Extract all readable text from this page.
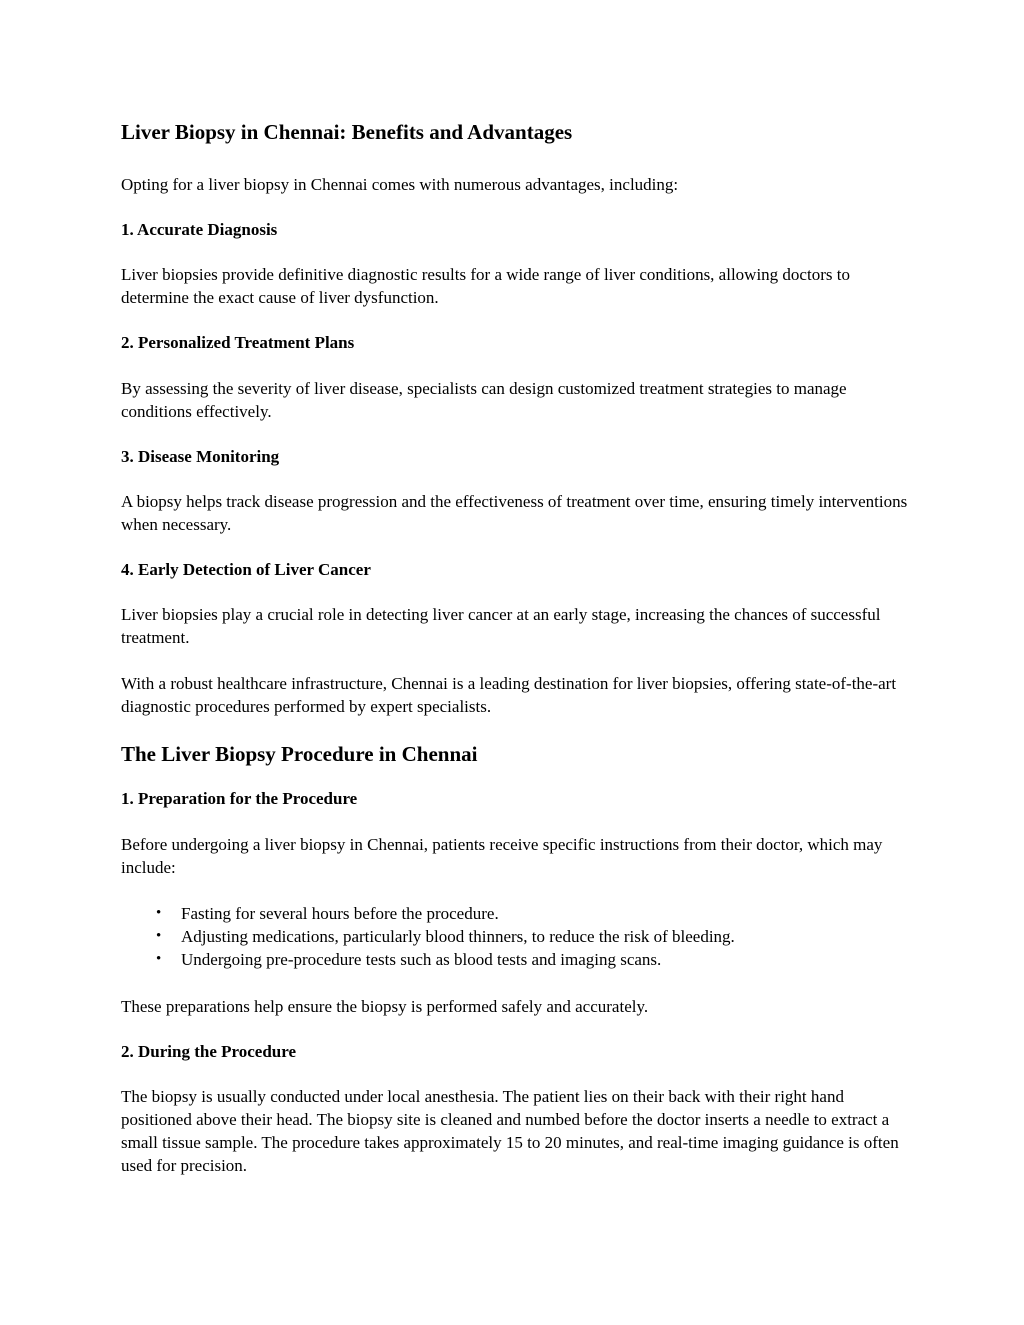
Liver Biopsy in Chennai: Benefits and Advantages

Opting for a liver biopsy in Chennai comes with numerous advantages, including:

1. Accurate Diagnosis

Liver biopsies provide definitive diagnostic results for a wide range of liver conditions, allowing doctors to determine the exact cause of liver dysfunction.

2. Personalized Treatment Plans

By assessing the severity of liver disease, specialists can design customized treatment strategies to manage conditions effectively.

3. Disease Monitoring

A biopsy helps track disease progression and the effectiveness of treatment over time, ensuring timely interventions when necessary.

4. Early Detection of Liver Cancer

Liver biopsies play a crucial role in detecting liver cancer at an early stage, increasing the chances of successful treatment.

With a robust healthcare infrastructure, Chennai is a leading destination for liver biopsies, offering state-of-the-art diagnostic procedures performed by expert specialists.

The Liver Biopsy Procedure in Chennai
1. Preparation for the Procedure

Before undergoing a liver biopsy in Chennai, patients receive specific instructions from their doctor, which may include:

• Fasting for several hours before the procedure.
• Adjusting medications, particularly blood thinners, to reduce the risk of bleeding.
• Undergoing pre-procedure tests such as blood tests and imaging scans.

These preparations help ensure the biopsy is performed safely and accurately.

2. During the Procedure

The biopsy is usually conducted under local anesthesia. The patient lies on their back with their right hand positioned above their head. The biopsy site is cleaned and numbed before the doctor inserts a needle to extract a small tissue sample. The procedure takes approximately 15 to 20 minutes, and real-time imaging guidance is often used for precision.
